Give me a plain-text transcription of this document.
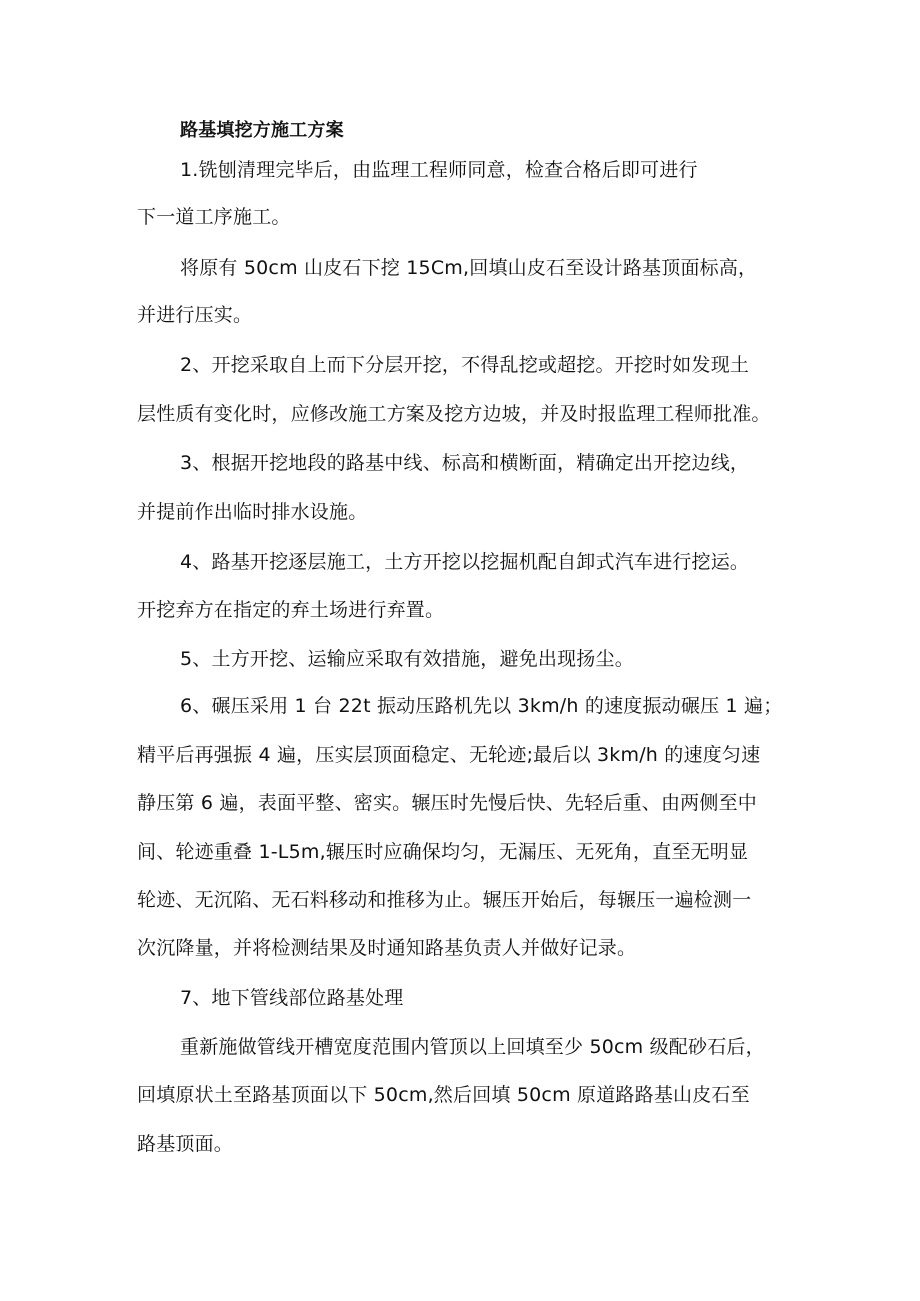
路基填挖方施工方案
1.铣刨清理完毕后，由监理工程师同意，检查合格后即可进行
下一道工序施工。
将原有 50cm 山皮石下挖 15Cm,回填山皮石至设计路基顶面标高，
并进行压实。
2、开挖采取自上而下分层开挖，不得乱挖或超挖。开挖时如发现土
层性质有变化时，应修改施工方案及挖方边坡，并及时报监理工程师批准。
3、根据开挖地段的路基中线、标高和横断面，精确定出开挖边线，
并提前作出临时排水设施。
4、路基开挖逐层施工，土方开挖以挖掘机配自卸式汽车进行挖运。
开挖弃方在指定的弃土场进行弃置。
5、土方开挖、运输应采取有效措施，避免出现扬尘。
6、碾压采用 1 台 22t 振动压路机先以 3km∕h 的速度振动碾压 1 遍；
精平后再强振 4 遍，压实层顶面稳定、无轮迹;最后以 3km∕h 的速度匀速
静压第 6 遍，表面平整、密实。辗压时先慢后快、先轻后重、由两侧至中
间、轮迹重叠 1-L5m,辗压时应确保均匀，无漏压、无死角，直至无明显
轮迹、无沉陷、无石料移动和推移为止。辗压开始后，每辗压一遍检测一
次沉降量，并将检测结果及时通知路基负责人并做好记录。
7、地下管线部位路基处理
重新施做管线开槽宽度范围内管顶以上回填至少 50cm 级配砂石后，
回填原状土至路基顶面以下 50cm,然后回填 50cm 原道路路基山皮石至
路基顶面。
